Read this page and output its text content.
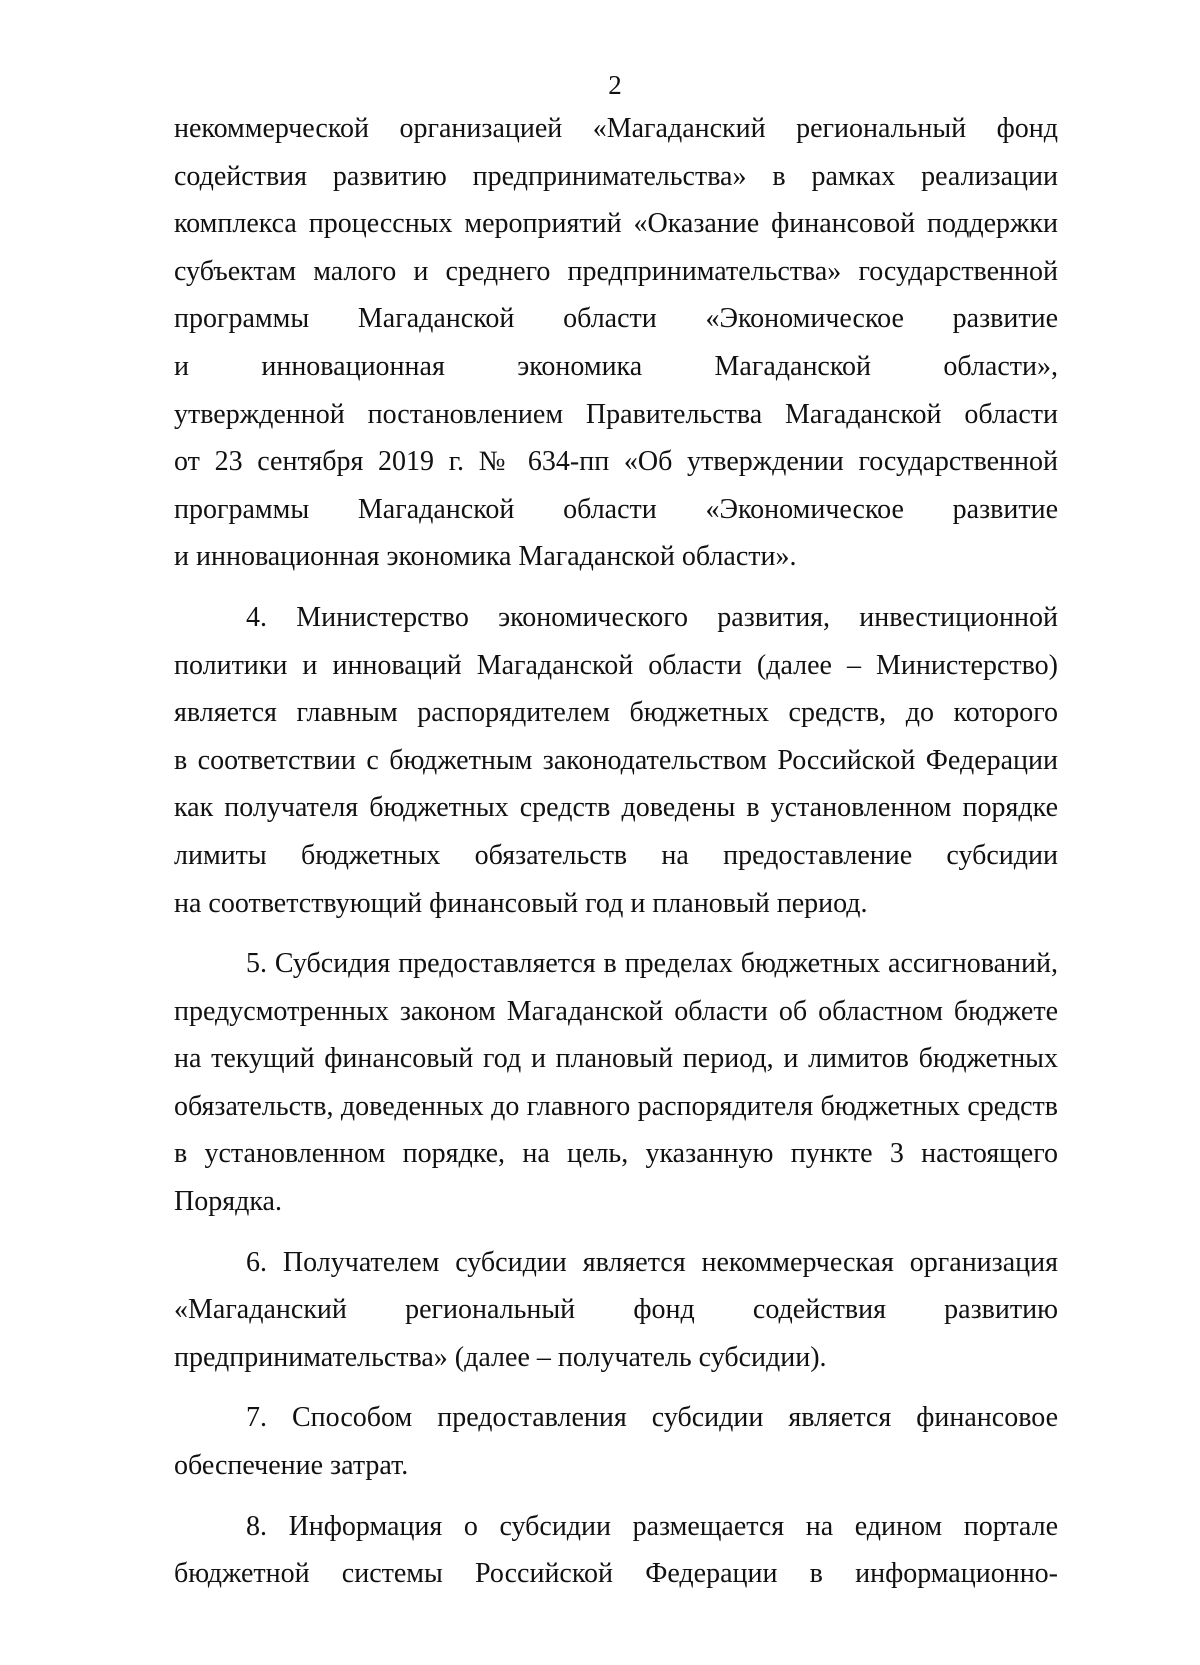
2
некоммерческой организацией «Магаданский региональный фонд
содействия развитию предпринимательства» в рамках реализации
комплекса процессных мероприятий «Оказание финансовой поддержки
субъектам малого и среднего предпринимательства» государственной
программы Магаданской области «Экономическое развитие
и инновационная экономика Магаданской области»,
утвержденной постановлением Правительства Магаданской области
от 23 сентября 2019 г. № 634-пп «Об утверждении государственной
программы Магаданской области «Экономическое развитие
и инновационная экономика Магаданской области».
4. Министерство экономического развития, инвестиционной
политики и инноваций Магаданской области (далее – Министерство)
является главным распорядителем бюджетных средств, до которого
в соответствии с бюджетным законодательством Российской Федерации
как получателя бюджетных средств доведены в установленном порядке
лимиты бюджетных обязательств на предоставление субсидии
на соответствующий финансовый год и плановый период.
5. Субсидия предоставляется в пределах бюджетных ассигнований,
предусмотренных законом Магаданской области об областном бюджете
на текущий финансовый год и плановый период, и лимитов бюджетных
обязательств, доведенных до главного распорядителя бюджетных средств
в установленном порядке, на цель, указанную пункте 3 настоящего
Порядка.
6. Получателем субсидии является некоммерческая организация
«Магаданский региональный фонд содействия развитию
предпринимательства» (далее – получатель субсидии).
7. Способом предоставления субсидии является финансовое
обеспечение затрат.
8. Информация о субсидии размещается на едином портале
бюджетной системы Российской Федерации в информационно-
